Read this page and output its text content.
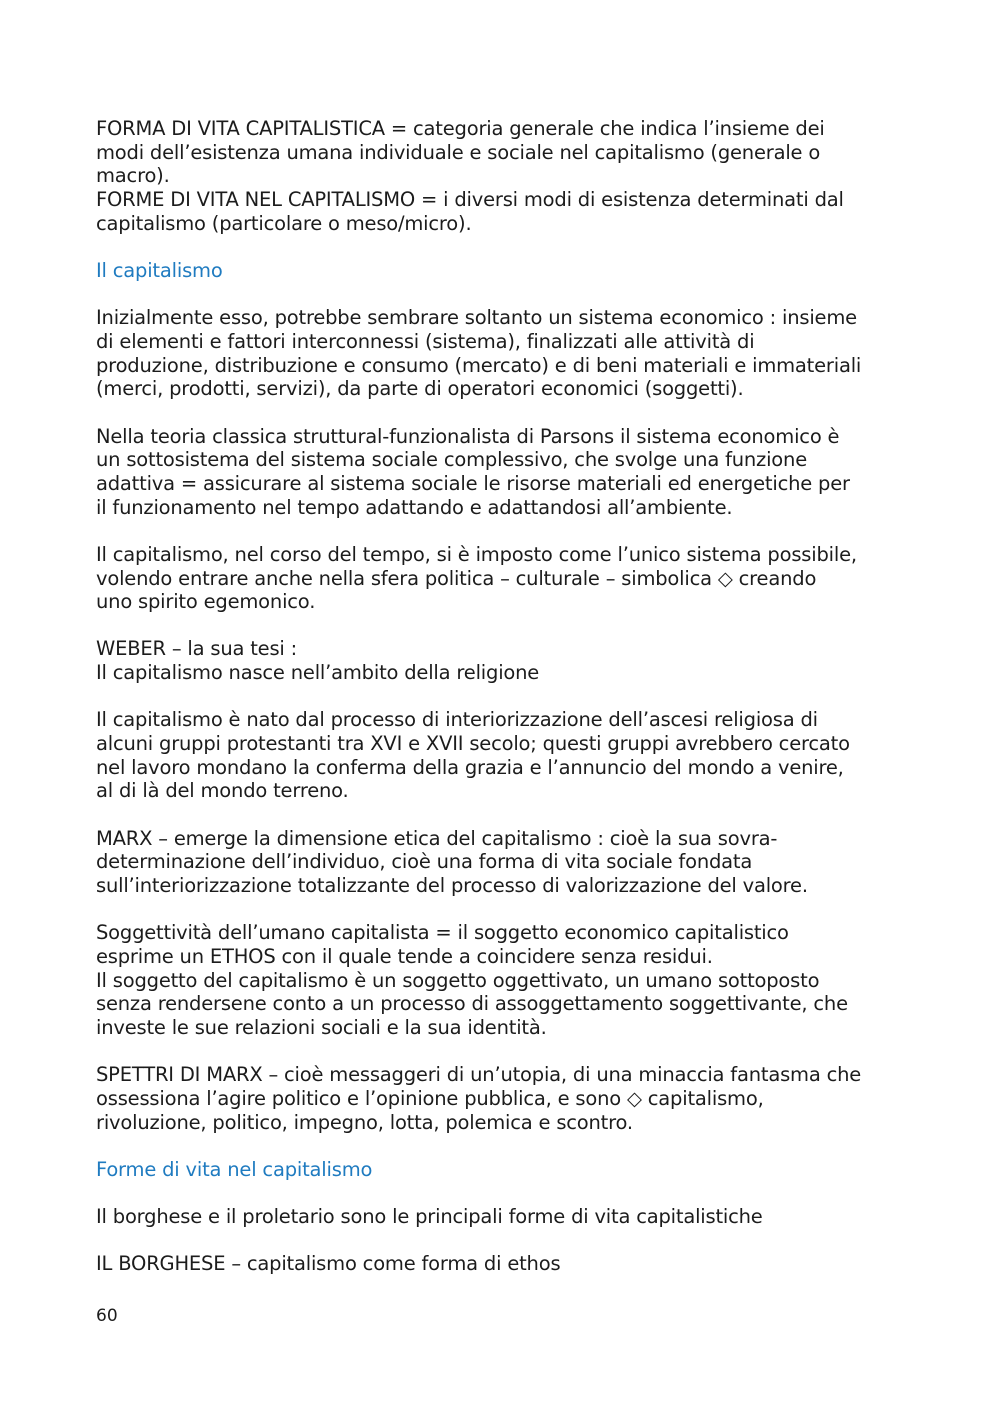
FORMA DI VITA CAPITALISTICA = categoria generale che indica l’insieme dei
modi dell’esistenza umana individuale e sociale nel capitalismo (generale o
macro).
FORME DI VITA NEL CAPITALISMO = i diversi modi di esistenza determinati dal
capitalismo (particolare o meso/micro).
Il capitalismo
Inizialmente esso, potrebbe sembrare soltanto un sistema economico : insieme
di elementi e fattori interconnessi (sistema), finalizzati alle attività di
produzione, distribuzione e consumo (mercato) e di beni materiali e immateriali
(merci, prodotti, servizi), da parte di operatori economici (soggetti).
Nella teoria classica struttural-funzionalista di Parsons il sistema economico è
un sottosistema del sistema sociale complessivo, che svolge una funzione
adattiva = assicurare al sistema sociale le risorse materiali ed energetiche per
il funzionamento nel tempo adattando e adattandosi all’ambiente.
Il capitalismo, nel corso del tempo, si è imposto come l’unico sistema possibile,
volendo entrare anche nella sfera politica – culturale – simbolica ◇ creando
uno spirito egemonico.
WEBER – la sua tesi :
Il capitalismo nasce nell’ambito della religione
Il capitalismo è nato dal processo di interiorizzazione dell’ascesi religiosa di
alcuni gruppi protestanti tra XVI e XVII secolo; questi gruppi avrebbero cercato
nel lavoro mondano la conferma della grazia e l’annuncio del mondo a venire,
al di là del mondo terreno.
MARX – emerge la dimensione etica del capitalismo : cioè la sua sovra-
determinazione dell’individuo, cioè una forma di vita sociale fondata
sull’interiorizzazione totalizzante del processo di valorizzazione del valore.
Soggettività dell’umano capitalista = il soggetto economico capitalistico
esprime un ETHOS con il quale tende a coincidere senza residui.
Il soggetto del capitalismo è un soggetto oggettivato, un umano sottoposto
senza rendersene conto a un processo di assoggettamento soggettivante, che
investe le sue relazioni sociali e la sua identità.
SPETTRI DI MARX – cioè messaggeri di un’utopia, di una minaccia fantasma che
ossessiona l’agire politico e l’opinione pubblica, e sono ◇ capitalismo,
rivoluzione, politico, impegno, lotta, polemica e scontro.
Forme di vita nel capitalismo
Il borghese e il proletario sono le principali forme di vita capitalistiche
IL BORGHESE – capitalismo come forma di ethos
60
